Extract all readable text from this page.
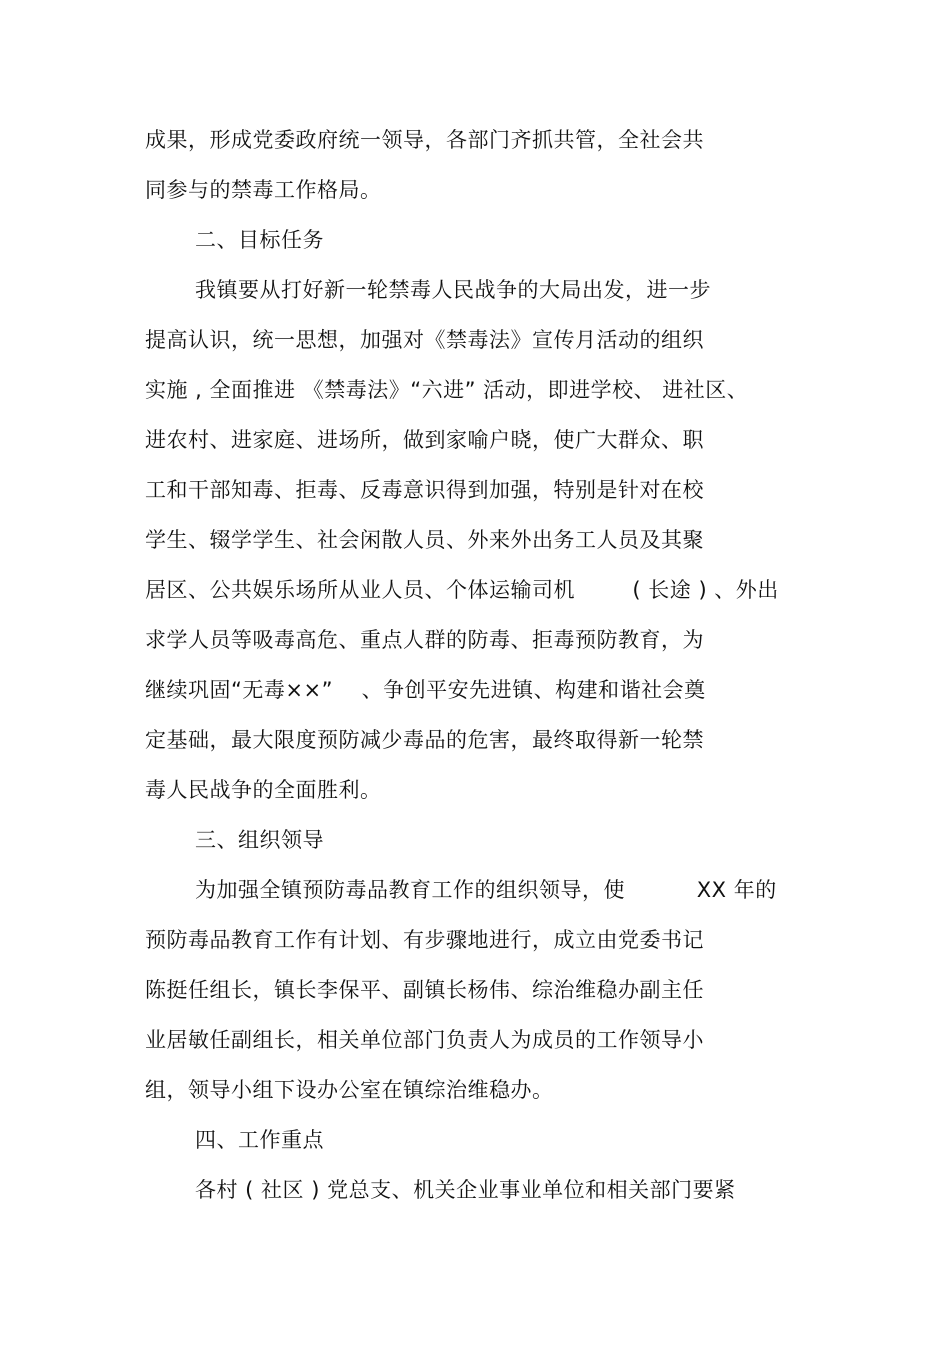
成果，形成党委政府统一领导，各部门齐抓共管，全社会共
同参与的禁毒工作格局。
二、目标任务
我镇要从打好新一轮禁毒人民战争的大局出发，进一步
提高认识，统一思想，加强对《禁毒法》宣传月活动的组织
实施 , 全面推进 《禁毒法》“六进” 活动，即进学校、 进社区、
进农村、进家庭、进场所，做到家喻户晓，使广大群众、职
工和干部知毒、拒毒、反毒意识得到加强，特别是针对在校
学生、辍学学生、社会闲散人员、外来外出务工人员及其聚
居区、公共娱乐场所从业人员、个体运输司机        ( 长途 ) 、外出
求学人员等吸毒高危、重点人群的防毒、拒毒预防教育，为
继续巩固“无毒××”    、争创平安先进镇、构建和谐社会奠
定基础，最大限度预防减少毒品的危害，最终取得新一轮禁
毒人民战争的全面胜利。
三、组织领导
为加强全镇预防毒品教育工作的组织领导，使          XX 年的
预防毒品教育工作有计划、有步骤地进行，成立由党委书记
陈挺任组长，镇长李保平、副镇长杨伟、综治维稳办副主任
业居敏任副组长，相关单位部门负责人为成员的工作领导小
组，领导小组下设办公室在镇综治维稳办。
四、工作重点
各村 ( 社区 ) 党总支、机关企业事业单位和相关部门要紧
